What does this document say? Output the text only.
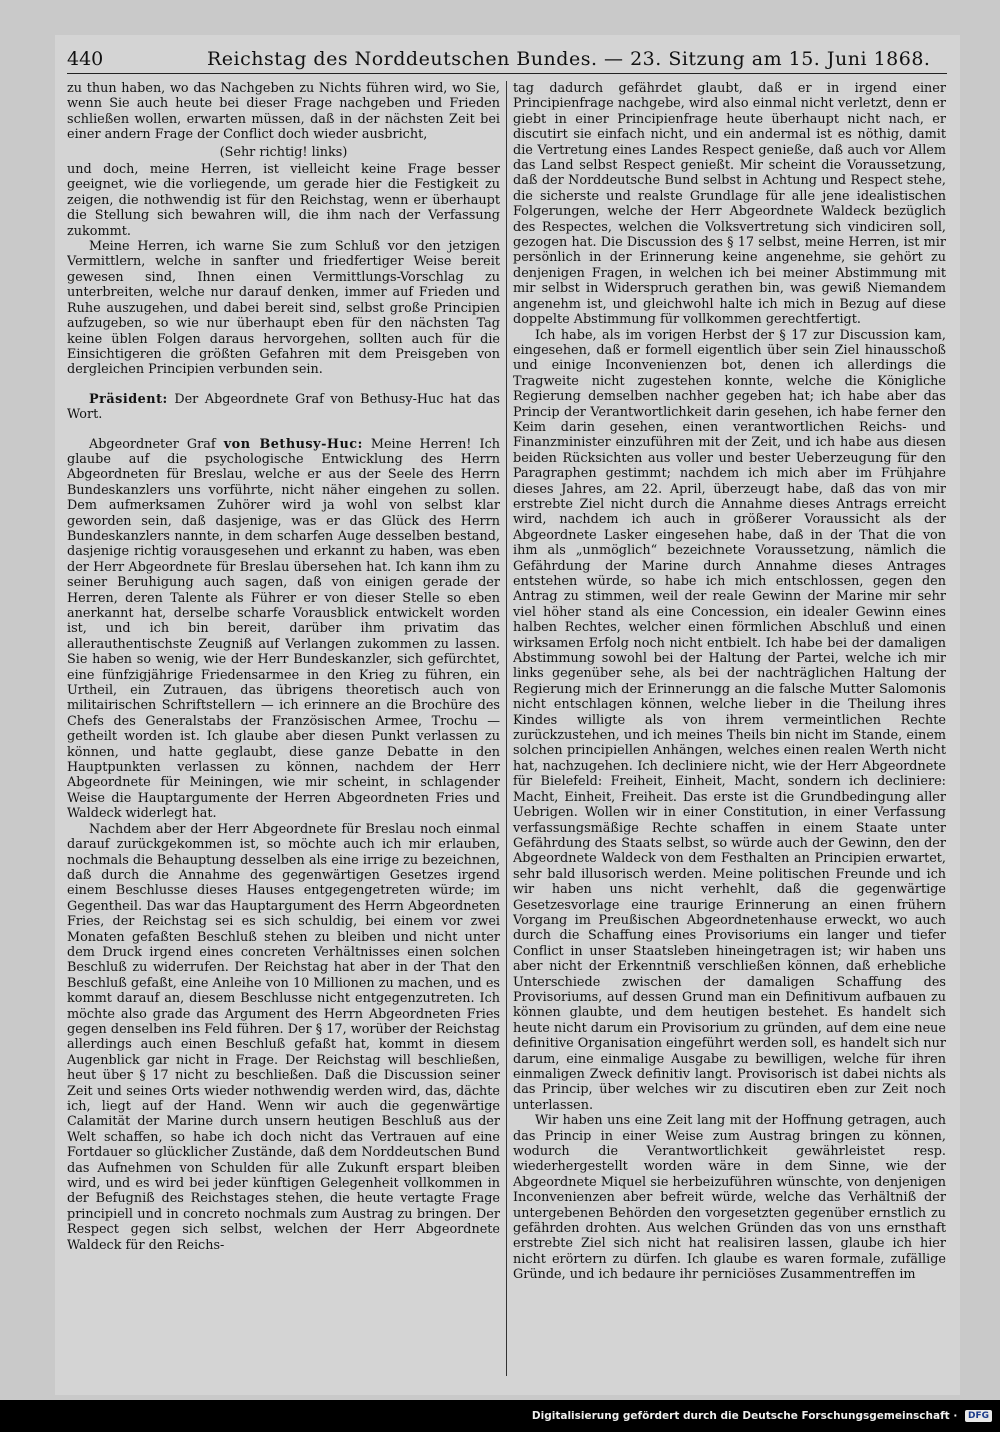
440	Reichstag des Norddeutschen Bundes. — 23. Sitzung am 15. Juni 1868.

zu thun haben, wo das Nachgeben zu Nichts führen wird, wo Sie, wenn Sie auch heute bei dieser Frage nachgeben und Frieden schließen wollen, erwarten müssen, daß in der nächsten Zeit bei einer andern Frage der Conflict doch wieder ausbricht,

(Sehr richtig! links)

und doch, meine Herren, ist vielleicht keine Frage besser geeignet, wie die vorliegende, um gerade hier die Festigkeit zu zeigen, die nothwendig ist für den Reichstag, wenn er überhaupt die Stellung sich bewahren will, die ihm nach der Verfassung zukommt.

Meine Herren, ich warne Sie zum Schluß vor den jetzigen Vermittlern, welche in sanfter und friedfertiger Weise bereit gewesen sind, Ihnen einen Vermittlungs-Vorschlag zu unterbreiten, welche nur darauf denken, immer auf Frieden und Ruhe auszugehen, und dabei bereit sind, selbst große Principien aufzugeben, so wie nur überhaupt eben für den nächsten Tag keine üblen Folgen daraus hervorgehen, sollten auch für die Einsichtigeren die größten Gefahren mit dem Preisgeben von dergleichen Principien verbunden sein.

Präsident: Der Abgeordnete Graf von Bethusy-Huc hat das Wort.

Abgeordneter Graf von Bethusy-Huc: Meine Herren! Ich glaube auf die psychologische Entwicklung des Herrn Abgeordneten für Breslau, welche er aus der Seele des Herrn Bundeskanzlers uns vorführte, nicht näher eingehen zu sollen. Dem aufmerksamen Zuhörer wird ja wohl von selbst klar geworden sein, daß dasjenige, was er das Glück des Herrn Bundeskanzlers nannte, in dem scharfen Auge desselben bestand, dasjenige richtig vorausgesehen und erkannt zu haben, was eben der Herr Abgeordnete für Breslau übersehen hat. Ich kann ihm zu seiner Beruhigung auch sagen, daß von einigen gerade der Herren, deren Talente als Führer er von dieser Stelle so eben anerkannt hat, derselbe scharfe Vorausblick entwickelt worden ist, und ich bin bereit, darüber ihm privatim das allerauthentischste Zeugniß auf Verlangen zukommen zu lassen. Sie haben so wenig, wie der Herr Bundeskanzler, sich gefürchtet, eine fünfzigjährige Friedensarmee in den Krieg zu führen, ein Urtheil, ein Zutrauen, das übrigens theoretisch auch von militairischen Schriftstellern — ich erinnere an die Brochüre des Chefs des Generalstabs der Französischen Armee, Trochu — getheilt worden ist. Ich glaube aber diesen Punkt verlassen zu können, und hatte geglaubt, diese ganze Debatte in den Hauptpunkten verlassen zu können, nachdem der Herr Abgeordnete für Meiningen, wie mir scheint, in schlagender Weise die Hauptargumente der Herren Abgeordneten Fries und Waldeck widerlegt hat.

Nachdem aber der Herr Abgeordnete für Breslau noch einmal darauf zurückgekommen ist, so möchte auch ich mir erlauben, nochmals die Behauptung desselben als eine irrige zu bezeichnen, daß durch die Annahme des gegenwärtigen Gesetzes irgend einem Beschlusse dieses Hauses entgegengetreten würde; im Gegentheil. Das war das Hauptargument des Herrn Abgeordneten Fries, der Reichstag sei es sich schuldig, bei einem vor zwei Monaten gefaßten Beschluß stehen zu bleiben und nicht unter dem Druck irgend eines concreten Verhältnisses einen solchen Beschluß zu widerrufen. Der Reichstag hat aber in der That den Beschluß gefaßt, eine Anleihe von 10 Millionen zu machen, und es kommt darauf an, diesem Beschlusse nicht entgegenzutreten. Ich möchte also grade das Argument des Herrn Abgeordneten Fries gegen denselben ins Feld führen. Der § 17, worüber der Reichstag allerdings auch einen Beschluß gefaßt hat, kommt in diesem Augenblick gar nicht in Frage. Der Reichstag will beschließen, heut über § 17 nicht zu beschließen. Daß die Discussion seiner Zeit und seines Orts wieder nothwendig werden wird, das, dächte ich, liegt auf der Hand. Wenn wir auch die gegenwärtige Calamität der Marine durch unsern heutigen Beschluß aus der Welt schaffen, so habe ich doch nicht das Vertrauen auf eine Fortdauer so glücklicher Zustände, daß dem Norddeutschen Bund das Aufnehmen von Schulden für alle Zukunft erspart bleiben wird, und es wird bei jeder künftigen Gelegenheit vollkommen in der Befugniß des Reichstages stehen, die heute vertagte Frage principiell und in concreto nochmals zum Austrag zu bringen. Der Respect gegen sich selbst, welchen der Herr Abgeordnete Waldeck für den Reichs-

tag dadurch gefährdet glaubt, daß er in irgend einer Principienfrage nachgebe, wird also einmal nicht verletzt, denn er giebt in einer Principienfrage heute überhaupt nicht nach, er discutirt sie einfach nicht, und ein andermal ist es nöthig, damit die Vertretung eines Landes Respect genieße, daß auch vor Allem das Land selbst Respect genießt. Mir scheint die Voraussetzung, daß der Norddeutsche Bund selbst in Achtung und Respect stehe, die sicherste und realste Grundlage für alle jene idealistischen Folgerungen, welche der Herr Abgeordnete Waldeck bezüglich des Respectes, welchen die Volksvertretung sich vindiciren soll, gezogen hat. Die Discussion des § 17 selbst, meine Herren, ist mir persönlich in der Erinnerung keine angenehme, sie gehört zu denjenigen Fragen, in welchen ich bei meiner Abstimmung mit mir selbst in Widerspruch gerathen bin, was gewiß Niemandem angenehm ist, und gleichwohl halte ich mich in Bezug auf diese doppelte Abstimmung für vollkommen gerechtfertigt.

Ich habe, als im vorigen Herbst der § 17 zur Discussion kam, eingesehen, daß er formell eigentlich über sein Ziel hinausschoß und einige Inconvenienzen bot, denen ich allerdings die Tragweite nicht zugestehen konnte, welche die Königliche Regierung demselben nachher gegeben hat; ich habe aber das Princip der Verantwortlichkeit darin gesehen, ich habe ferner den Keim darin gesehen, einen verantwortlichen Reichs- und Finanzminister einzuführen mit der Zeit, und ich habe aus diesen beiden Rücksichten aus voller und bester Ueberzeugung für den Paragraphen gestimmt; nachdem ich mich aber im Frühjahre dieses Jahres, am 22. April, überzeugt habe, daß das von mir erstrebte Ziel nicht durch die Annahme dieses Antrags erreicht wird, nachdem ich auch in größerer Voraussicht als der Abgeordnete Lasker eingesehen habe, daß in der That die von ihm als „unmöglich“ bezeichnete Voraussetzung, nämlich die Gefährdung der Marine durch Annahme dieses Antrages entstehen würde, so habe ich mich entschlossen, gegen den Antrag zu stimmen, weil der reale Gewinn der Marine mir sehr viel höher stand als eine Concession, ein idealer Gewinn eines halben Rechtes, welcher einen förmlichen Abschluß und einen wirksamen Erfolg noch nicht entbielt. Ich habe bei der damaligen Abstimmung sowohl bei der Haltung der Partei, welche ich mir links gegenüber sehe, als bei der nachträglichen Haltung der Regierung mich der Erinnerungg an die falsche Mutter Salomonis nicht entschlagen können, welche lieber in die Theilung ihres Kindes willigte als von ihrem vermeintlichen Rechte zurückzustehen, und ich meines Theils bin nicht im Stande, einem solchen principiellen Anhängen, welches einen realen Werth nicht hat, nachzugehen. Ich decliniere nicht, wie der Herr Abgeordnete für Bielefeld: Freiheit, Einheit, Macht, sondern ich decliniere: Macht, Einheit, Freiheit. Das erste ist die Grundbedingung aller Uebrigen. Wollen wir in einer Constitution, in einer Verfassung verfassungsmäßige Rechte schaffen in einem Staate unter Gefährdung des Staats selbst, so würde auch der Gewinn, den der Abgeordnete Waldeck von dem Festhalten an Principien erwartet, sehr bald illusorisch werden. Meine politischen Freunde und ich wir haben uns nicht verhehlt, daß die gegenwärtige Gesetzesvorlage eine traurige Erinnerung an einen frühern Vorgang im Preußischen Abgeordnetenhause erweckt, wo auch durch die Schaffung eines Provisoriums ein langer und tiefer Conflict in unser Staatsleben hineingetragen ist; wir haben uns aber nicht der Erkenntniß verschließen können, daß erhebliche Unterschiede zwischen der damaligen Schaffung des Provisoriums, auf dessen Grund man ein Definitivum aufbauen zu können glaubte, und dem heutigen bestehet. Es handelt sich heute nicht darum ein Provisorium zu gründen, auf dem eine neue definitive Organisation eingeführt werden soll, es handelt sich nur darum, eine einmalige Ausgabe zu bewilligen, welche für ihren einmaligen Zweck definitiv langt. Provisorisch ist dabei nichts als das Princip, über welches wir zu discutiren eben zur Zeit noch unterlassen.

Wir haben uns eine Zeit lang mit der Hoffnung getragen, auch das Princip in einer Weise zum Austrag bringen zu können, wodurch die Verantwortlichkeit gewährleistet resp. wiederhergestellt worden wäre in dem Sinne, wie der Abgeordnete Miquel sie herbeizuführen wünschte, von denjenigen Inconvenienzen aber befreit würde, welche das Verhältniß der untergebenen Behörden den vorgesetzten gegenüber ernstlich zu gefährden drohten. Aus welchen Gründen das von uns ernsthaft erstrebte Ziel sich nicht hat realisiren lassen, glaube ich hier nicht erörtern zu dürfen. Ich glaube es waren formale, zufällige Gründe, und ich bedaure ihr perniciöses Zusammentreffen im

Digitalisierung gefördert durch die Deutsche Forschungsgemeinschaft · DFG
